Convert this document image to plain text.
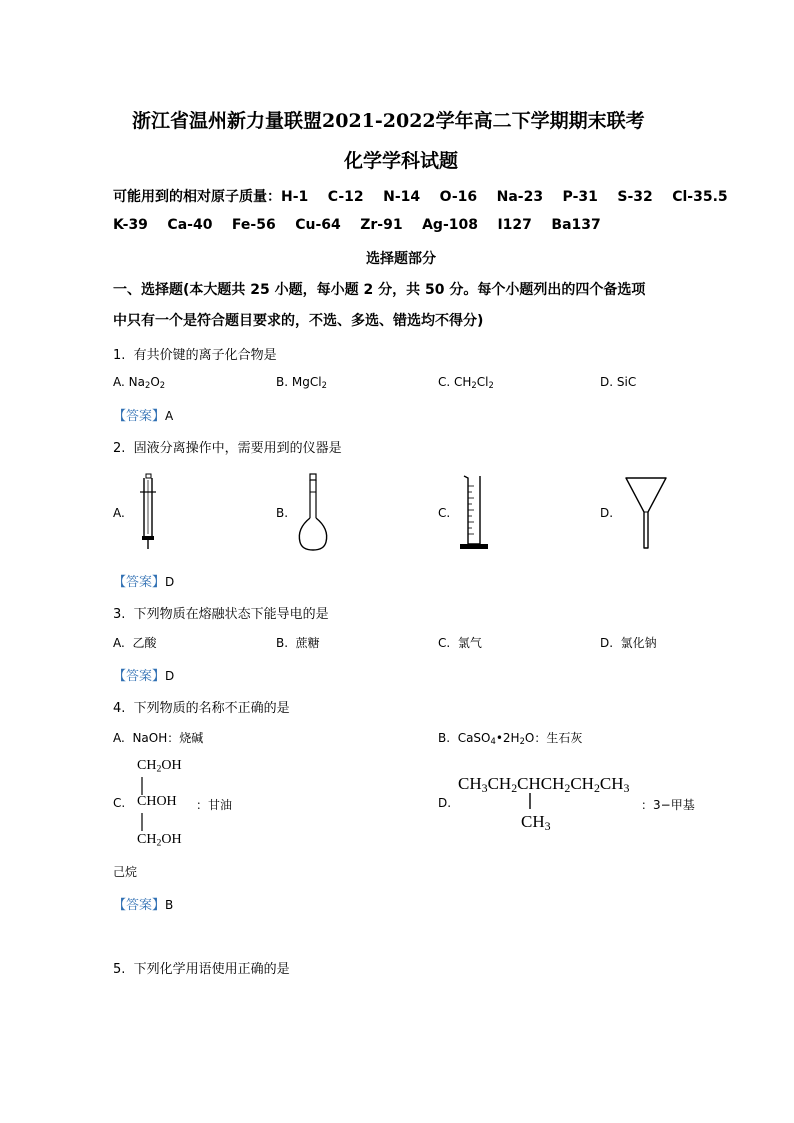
浙江省温州新力量联盟2021-2022学年高二下学期期末联考
化学学科试题
可能用到的相对原子质量：H-1    C-12    N-14    O-16    Na-23    P-31    S-32    Cl-35.5
K-39    Ca-40    Fe-56    Cu-64    Zr-91    Ag-108    I127    Ba137
选择题部分
一、选择题(本大题共 25 小题，每小题 2 分，共 50 分。每个小题列出的四个备选项
中只有一个是符合题目要求的，不选、多选、错选均不得分)
1.  有共价键的离子化合物是
A. $Na_2O_2$	B. MgCl$_2$	C. $CH_2Cl_2$	D. SiC
【答案】A
2.  固液分离操作中，需要用到的仪器是
A.	B.	C.	D.
【答案】D
3.  下列物质在熔融状态下能导电的是
A.  乙酸	B.  蔗糖	C.  氯气	D.  氯化钠
【答案】D
4.  下列物质的名称不正确的是
A.  NaOH：烧碱	B.  $CaSO_4•2H_2O$：生石灰
C.
$CH_2OH$
CHOH ：甘油
$CH_2OH$
D.
$CH_3CH_2CHCH_2CH_2CH_3$
$CH_3$
：3−甲基
己烷
【答案】B
5.  下列化学用语使用正确的是
